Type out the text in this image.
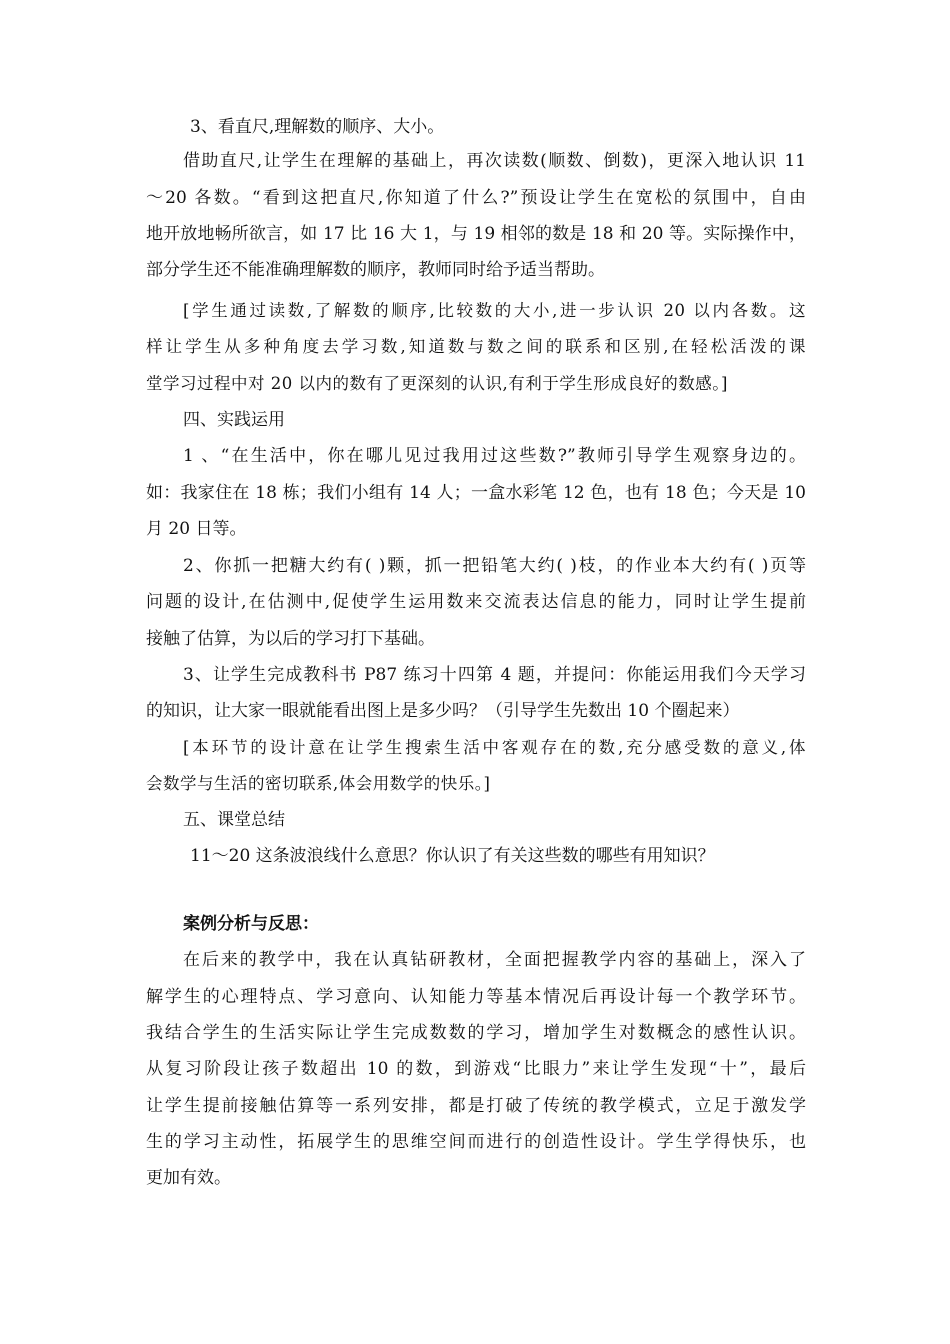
3、看直尺,理解数的顺序、大小。
借助直尺,让学生在理解的基础上，再次读数(顺数、倒数)，更深入地认识 11
～20 各数。“看到这把直尺,你知道了什么?”预设让学生在宽松的氛围中，自由
地开放地畅所欲言，如 17 比 16 大 1，与 19 相邻的数是 18 和 20 等。实际操作中，
部分学生还不能准确理解数的顺序，教师同时给予适当帮助。
[学生通过读数,了解数的顺序,比较数的大小,进一步认识 20 以内各数。这
样让学生从多种角度去学习数,知道数与数之间的联系和区别,在轻松活泼的课
堂学习过程中对 20 以内的数有了更深刻的认识,有利于学生形成良好的数感。]
四、实践运用
1 、“在生活中，你在哪儿见过我用过这些数?”教师引导学生观察身边的。
如：我家住在 18 栋；我们小组有 14 人；一盒水彩笔 12 色，也有 18 色；今天是 10
月 20 日等。
2、你抓一把糖大约有( )颗，抓一把铅笔大约( )枝，的作业本大约有( )页等
问题的设计,在估测中,促使学生运用数来交流表达信息的能力，同时让学生提前
接触了估算，为以后的学习打下基础。
3、让学生完成教科书 P87 练习十四第 4 题，并提问：你能运用我们今天学习
的知识，让大家一眼就能看出图上是多少吗？（引导学生先数出 10 个圈起来）
[本环节的设计意在让学生搜索生活中客观存在的数,充分感受数的意义,体
会数学与生活的密切联系,体会用数学的快乐。]
五、课堂总结
11～20 这条波浪线什么意思？你认识了有关这些数的哪些有用知识？
案例分析与反思：
在后来的教学中，我在认真钻研教材，全面把握教学内容的基础上，深入了
解学生的心理特点、学习意向、认知能力等基本情况后再设计每一个教学环节。
我结合学生的生活实际让学生完成数数的学习，增加学生对数概念的感性认识。
从复习阶段让孩子数超出 10 的数，到游戏“比眼力”来让学生发现“十”，最后
让学生提前接触估算等一系列安排，都是打破了传统的教学模式，立足于激发学
生的学习主动性，拓展学生的思维空间而进行的创造性设计。学生学得快乐，也
更加有效。
